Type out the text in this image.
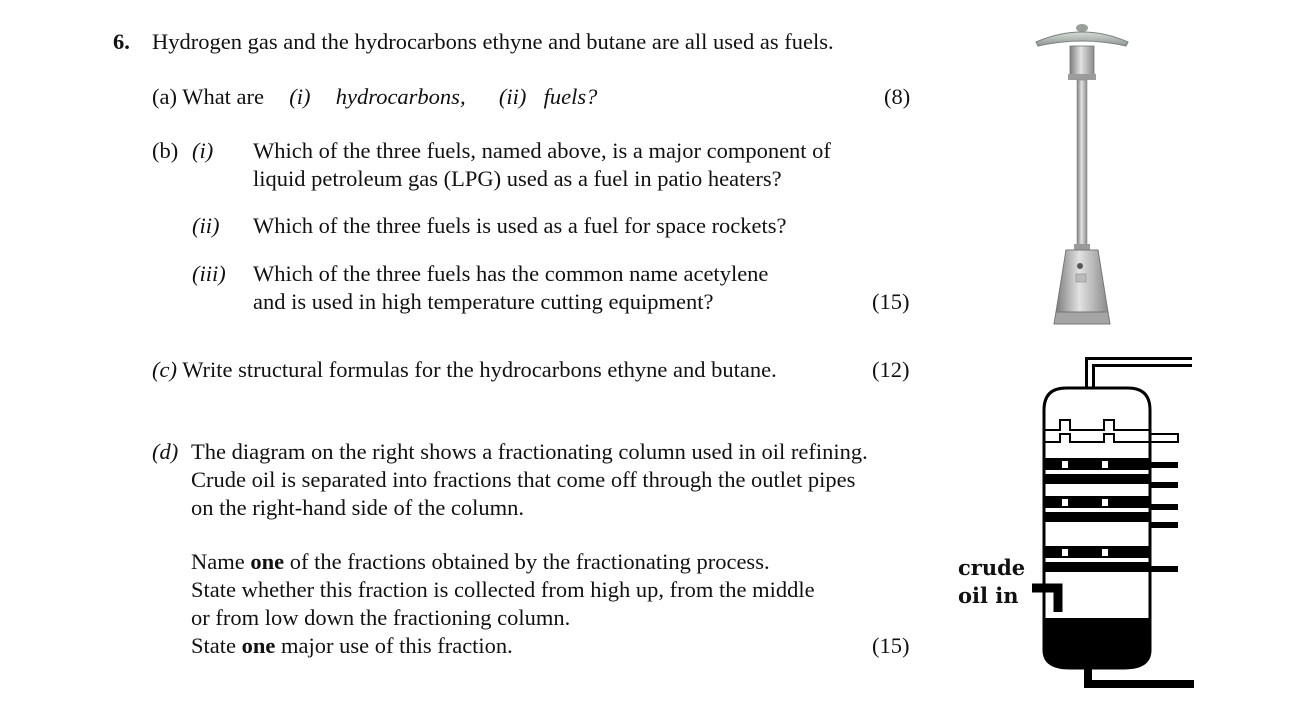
6. Hydrogen gas and the hydrocarbons ethyne and butane are all used as fuels.
(a) What are (i) hydrocarbons, (ii) fuels?	(8)
(b) (i) Which of the three fuels, named above, is a major component of
liquid petroleum gas (LPG) used as a fuel in patio heaters?
(ii) Which of the three fuels is used as a fuel for space rockets?
(iii) Which of the three fuels has the common name acetylene
and is used in high temperature cutting equipment?	(15)
(c) Write structural formulas for the hydrocarbons ethyne and butane.	(12)
(d) The diagram on the right shows a fractionating column used in oil refining.
Crude oil is separated into fractions that come off through the outlet pipes
on the right-hand side of the column.
Name one of the fractions obtained by the fractionating process.
State whether this fraction is collected from high up, from the middle
or from low down the fractioning column.
State one major use of this fraction.	(15)
crude
oil in
